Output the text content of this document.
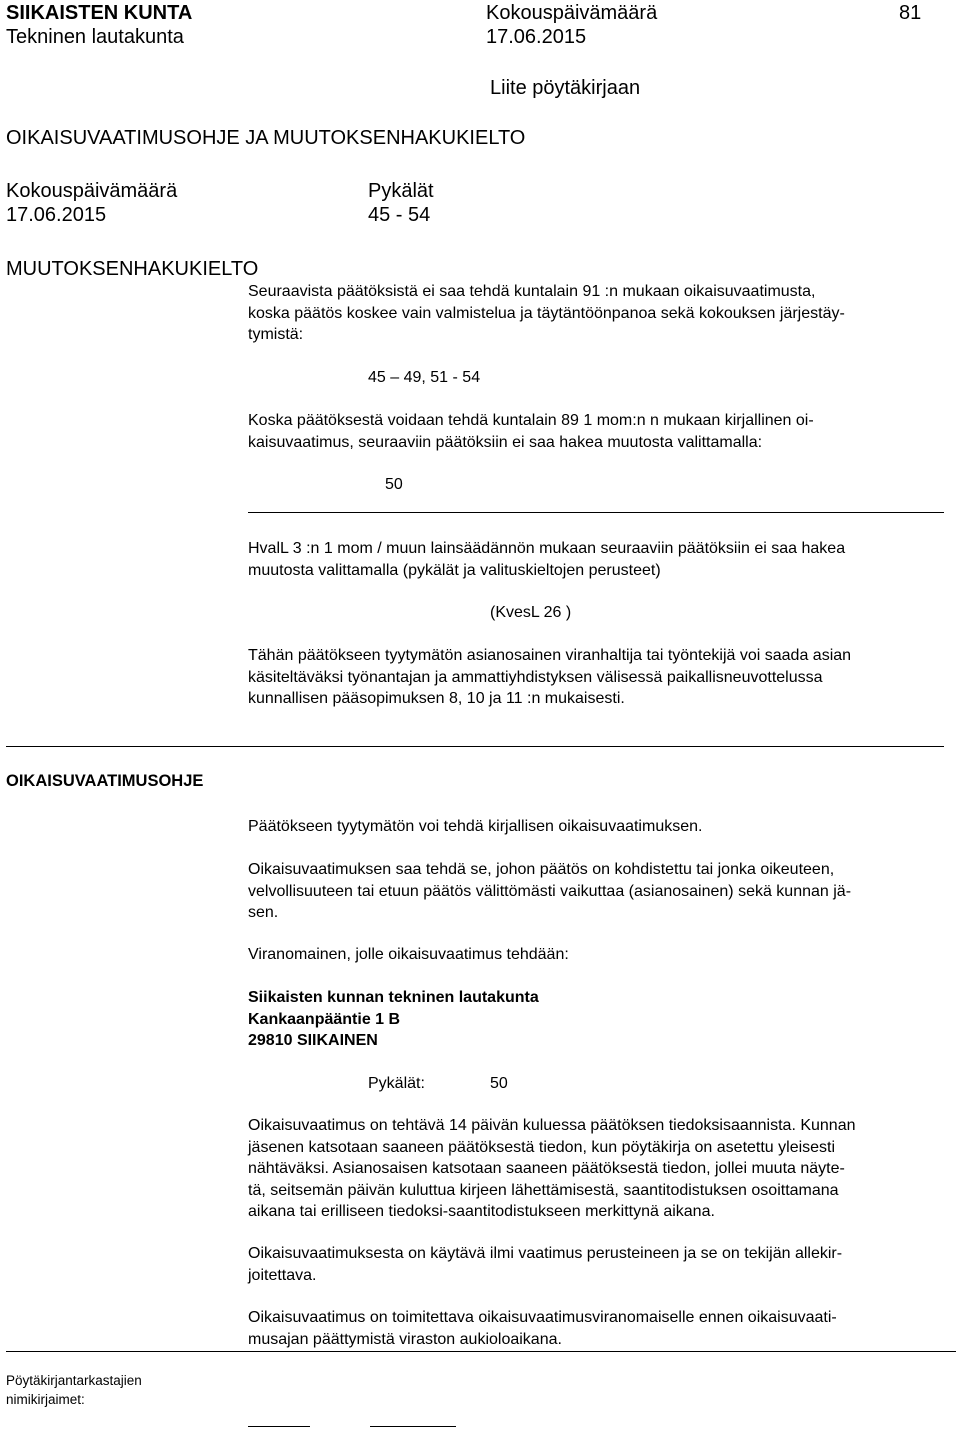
SIIKAISTEN KUNTA
Tekninen lautakunta
Kokouspäivämäärä
17.06.2015
81
Liite pöytäkirjaan
OIKAISUVAATIMUSOHJE JA MUUTOKSENHAKUKIELTO
Kokouspäivämäärä
17.06.2015
Pykälät
45 - 54
MUUTOKSENHAKUKIELTO
Seuraavista päätöksistä ei saa tehdä kuntalain 91 :n mukaan oikaisuvaatimusta,
koska päätös koskee vain valmistelua ja täytäntöönpanoa sekä kokouksen järjestäy-
tymistä:
45 – 49, 51 - 54
Koska päätöksestä voidaan tehdä kuntalain 89 1 mom:n n mukaan kirjallinen oi-
kaisuvaatimus, seuraaviin päätöksiin ei saa hakea muutosta valittamalla:
50
HvalL 3 :n 1 mom / muun lainsäädännön mukaan seuraaviin päätöksiin ei saa hakea
muutosta valittamalla (pykälät ja valituskieltojen perusteet)
(KvesL 26 )
Tähän päätökseen tyytymätön asianosainen viranhaltija tai työntekijä voi saada asian
käsiteltäväksi työnantajan ja ammattiyhdistyksen välisessä paikallisneuvottelussa
kunnallisen pääsopimuksen 8, 10 ja 11 :n mukaisesti.
OIKAISUVAATIMUSOHJE
Päätökseen tyytymätön voi tehdä kirjallisen oikaisuvaatimuksen.
Oikaisuvaatimuksen saa tehdä se, johon päätös on kohdistettu tai jonka oikeuteen,
velvollisuuteen tai etuun päätös välittömästi vaikuttaa (asianosainen) sekä kunnan jä-
sen.
Viranomainen, jolle oikaisuvaatimus tehdään:
Siikaisten kunnan tekninen lautakunta
Kankaanpääntie 1 B
29810 SIIKAINEN
Pykälät:	50
Oikaisuvaatimus on tehtävä 14 päivän kuluessa päätöksen tiedoksisaannista. Kunnan
jäsenen katsotaan saaneen päätöksestä tiedon, kun pöytäkirja on asetettu yleisesti
nähtäväksi. Asianosaisen katsotaan saaneen päätöksestä tiedon, jollei muuta näyte-
tä, seitsemän päivän kuluttua kirjeen lähettämisestä, saantitodistuksen osoittamana
aikana tai erilliseen tiedoksi-saantitodistukseen merkittynä aikana.
Oikaisuvaatimuksesta on käytävä ilmi vaatimus perusteineen ja se on tekijän allekir-
joitettava.
Oikaisuvaatimus on toimitettava oikaisuvaatimusviranomaiselle ennen oikaisuvaati-
musajan päättymistä viraston aukioloaikana.
Pöytäkirjantarkastajien
nimikirjaimet:
